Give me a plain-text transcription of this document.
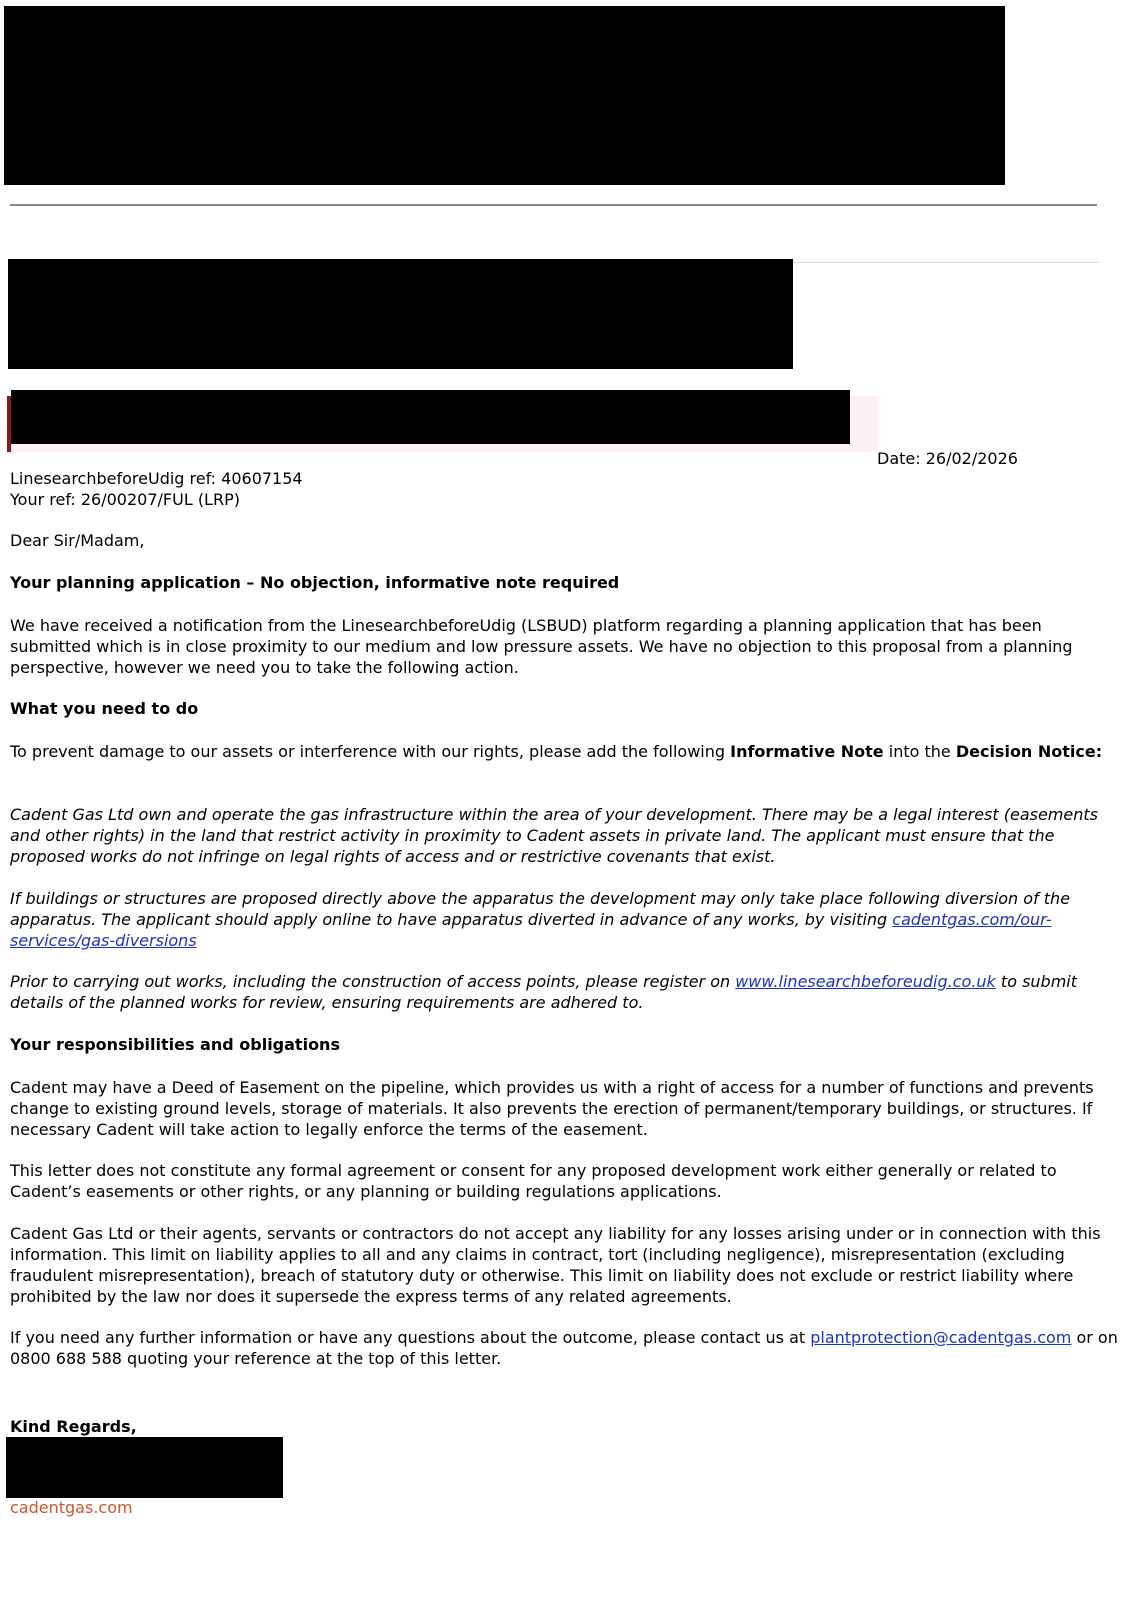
Date: 26/02/2026
LinesearchbeforeUdig ref: 40607154
Your ref: 26/00207/FUL (LRP)

Dear Sir/Madam,

Your planning application – No objection, informative note required

We have received a notification from the LinesearchbeforeUdig (LSBUD) platform regarding a planning application that has been submitted which is in close proximity to our medium and low pressure assets. We have no objection to this proposal from a planning perspective, however we need you to take the following action.

What you need to do

To prevent damage to our assets or interference with our rights, please add the following Informative Note into the Decision Notice:

Cadent Gas Ltd own and operate the gas infrastructure within the area of your development. There may be a legal interest (easements and other rights) in the land that restrict activity in proximity to Cadent assets in private land. The applicant must ensure that the proposed works do not infringe on legal rights of access and or restrictive covenants that exist.

If buildings or structures are proposed directly above the apparatus the development may only take place following diversion of the apparatus. The applicant should apply online to have apparatus diverted in advance of any works, by visiting cadentgas.com/our-services/gas-diversions

Prior to carrying out works, including the construction of access points, please register on www.linesearchbeforeudig.co.uk to submit details of the planned works for review, ensuring requirements are adhered to.

Your responsibilities and obligations

Cadent may have a Deed of Easement on the pipeline, which provides us with a right of access for a number of functions and prevents change to existing ground levels, storage of materials. It also prevents the erection of permanent/temporary buildings, or structures. If necessary Cadent will take action to legally enforce the terms of the easement.

This letter does not constitute any formal agreement or consent for any proposed development work either generally or related to Cadent’s easements or other rights, or any planning or building regulations applications.

Cadent Gas Ltd or their agents, servants or contractors do not accept any liability for any losses arising under or in connection with this information. This limit on liability applies to all and any claims in contract, tort (including negligence), misrepresentation (excluding fraudulent misrepresentation), breach of statutory duty or otherwise. This limit on liability does not exclude or restrict liability where prohibited by the law nor does it supersede the express terms of any related agreements.

If you need any further information or have any questions about the outcome, please contact us at plantprotection@cadentgas.com or on 0800 688 588 quoting your reference at the top of this letter.

Kind Regards,

cadentgas.com
